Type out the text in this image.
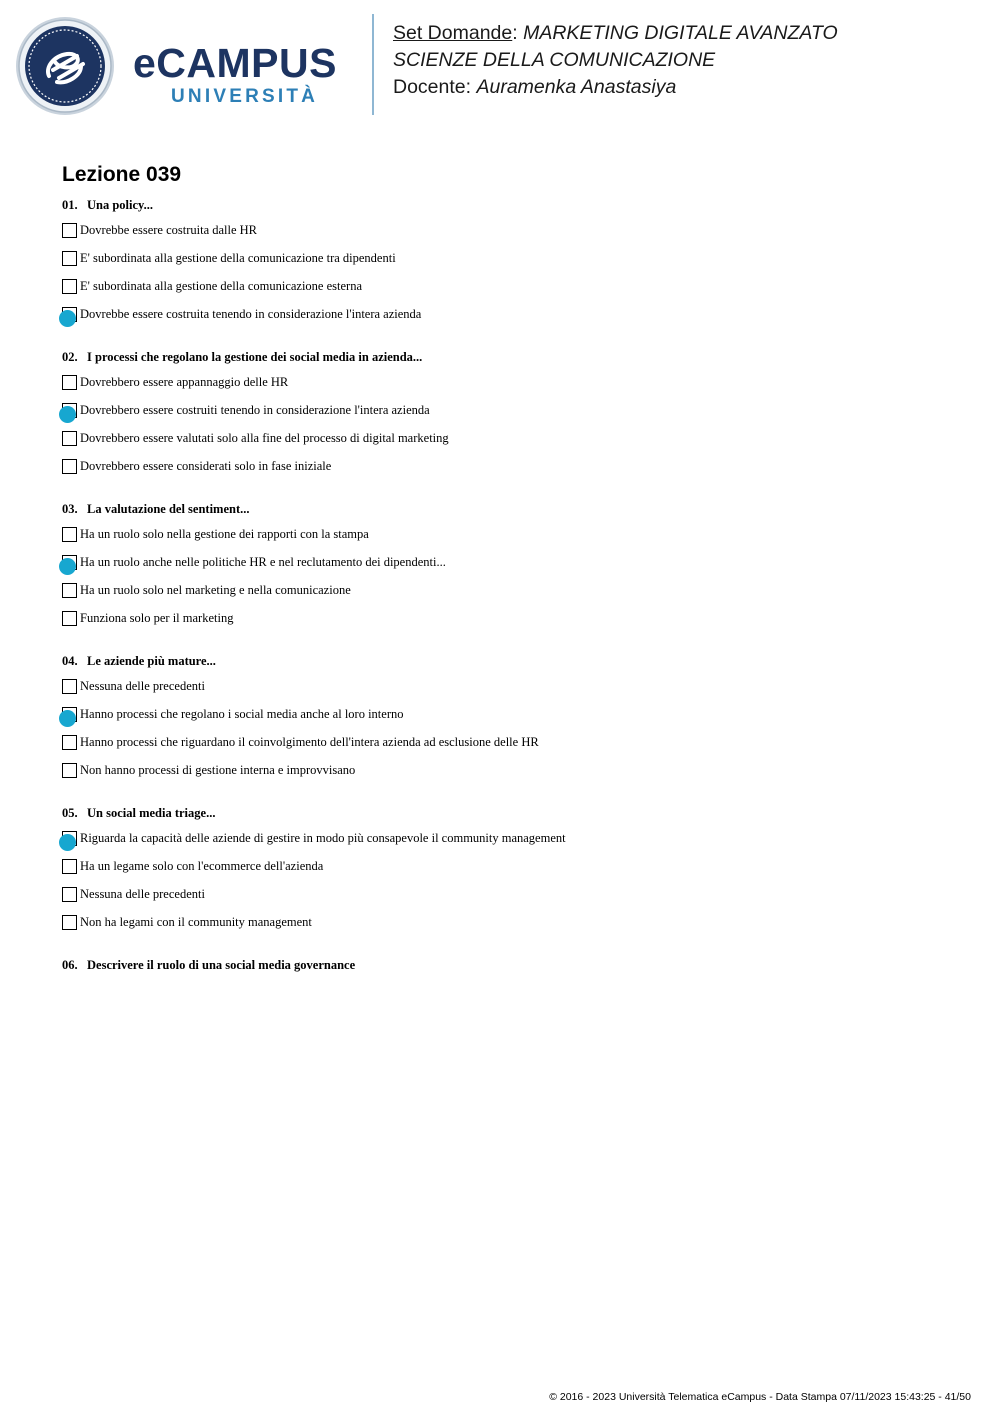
eCAMPUS
UNIVERSITÀ
Set Domande: MARKETING DIGITALE AVANZATO
SCIENZE DELLA COMUNICAZIONE
Docente: Auramenka Anastasiya
Lezione 039
01. Una policy...
Dovrebbe essere costruita dalle HR
E' subordinata alla gestione della comunicazione tra dipendenti
E' subordinata alla gestione della comunicazione esterna
Dovrebbe essere costruita tenendo in considerazione l'intera azienda
02. I processi che regolano la gestione dei social media in azienda...
Dovrebbero essere appannaggio delle HR
Dovrebbero essere costruiti tenendo in considerazione l'intera azienda
Dovrebbero essere valutati solo alla fine del processo di digital marketing
Dovrebbero essere considerati solo in fase iniziale
03. La valutazione del sentiment...
Ha un ruolo solo nella gestione dei rapporti con la stampa
Ha un ruolo anche nelle politiche HR e nel reclutamento dei dipendenti...
Ha un ruolo solo nel marketing e nella comunicazione
Funziona solo per il marketing
04. Le aziende più mature...
Nessuna delle precedenti
Hanno processi che regolano i social media anche al loro interno
Hanno processi che riguardano il coinvolgimento dell'intera azienda ad esclusione delle HR
Non hanno processi di gestione interna e improvvisano
05. Un social media triage...
Riguarda la capacità delle aziende di gestire in modo più consapevole il community management
Ha un legame solo con l'ecommerce dell'azienda
Nessuna delle precedenti
Non ha legami con il community management
06. Descrivere il ruolo di una social media governance
© 2016 - 2023 Università Telematica eCampus - Data Stampa 07/11/2023 15:43:25 - 41/50
